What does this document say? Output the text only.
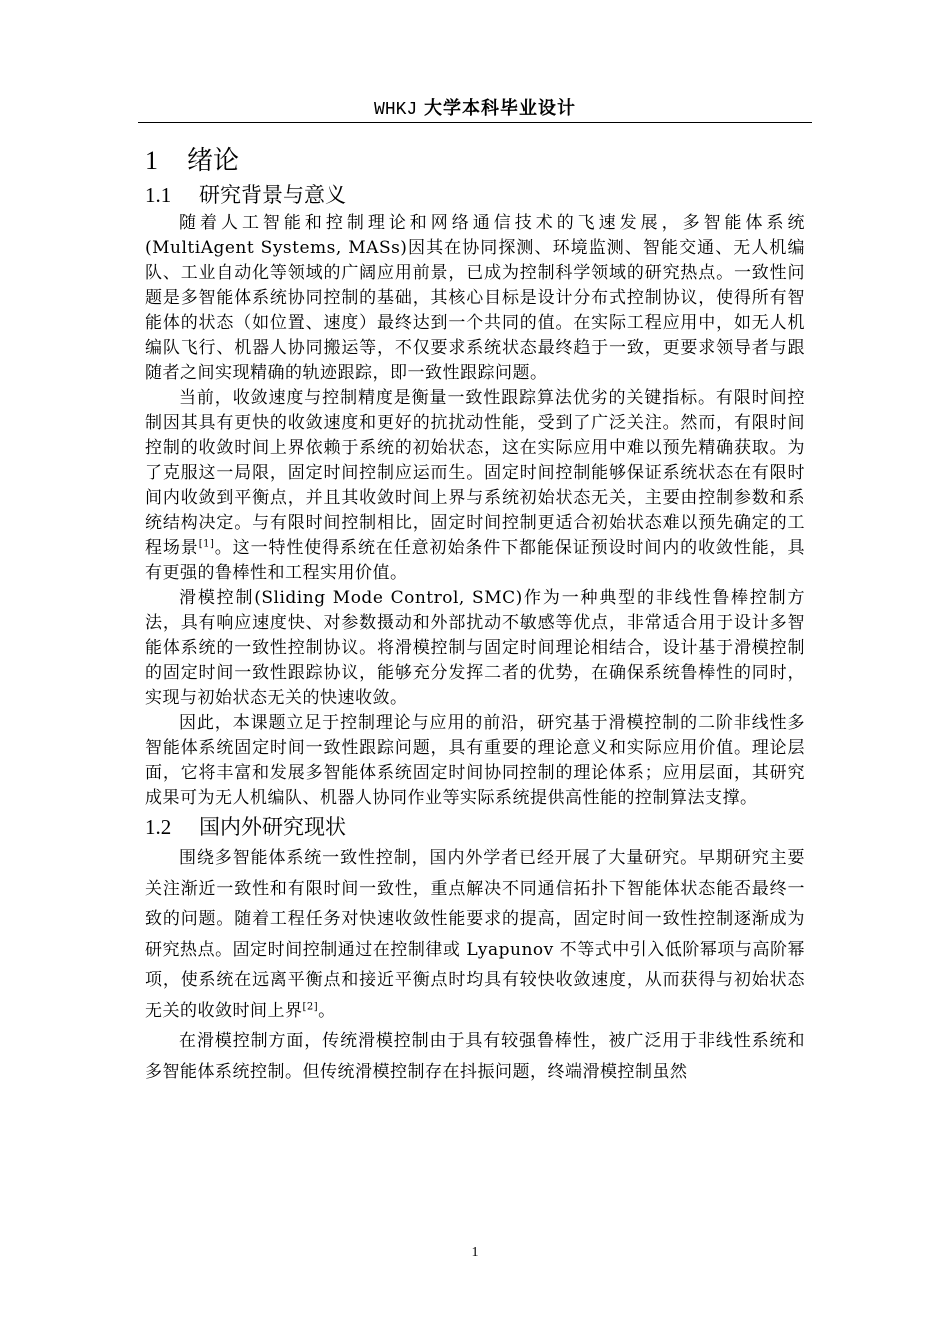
WHKJ 大学本科毕业设计
1 绪论
1.1 研究背景与意义

随着人工智能和控制理论和网络通信技术的飞速发展，多智能体系统(MultiAgent Systems, MASs)因其在协同探测、环境监测、智能交通、无人机编队、工业自动化等领域的广阔应用前景，已成为控制科学领域的研究热点。一致性问题是多智能体系统协同控制的基础，其核心目标是设计分布式控制协议，使得所有智能体的状态（如位置、速度）最终达到一个共同的值。在实际工程应用中，如无人机编队飞行、机器人协同搬运等，不仅要求系统状态最终趋于一致，更要求领导者与跟随者之间实现精确的轨迹跟踪，即一致性跟踪问题。

当前，收敛速度与控制精度是衡量一致性跟踪算法优劣的关键指标。有限时间控制因其具有更快的收敛速度和更好的抗扰动性能，受到了广泛关注。然而，有限时间控制的收敛时间上界依赖于系统的初始状态，这在实际应用中难以预先精确获取。为了克服这一局限，固定时间控制应运而生。固定时间控制能够保证系统状态在有限时间内收敛到平衡点，并且其收敛时间上界与系统初始状态无关，主要由控制参数和系统结构决定。与有限时间控制相比，固定时间控制更适合初始状态难以预先确定的工程场景[1]。这一特性使得系统在任意初始条件下都能保证预设时间内的收敛性能，具有更强的鲁棒性和工程实用价值。

滑模控制(Sliding Mode Control, SMC)作为一种典型的非线性鲁棒控制方法，具有响应速度快、对参数摄动和外部扰动不敏感等优点，非常适合用于设计多智能体系统的一致性控制协议。将滑模控制与固定时间理论相结合，设计基于滑模控制的固定时间一致性跟踪协议，能够充分发挥二者的优势，在确保系统鲁棒性的同时，实现与初始状态无关的快速收敛。

因此，本课题立足于控制理论与应用的前沿，研究基于滑模控制的二阶非线性多智能体系统固定时间一致性跟踪问题，具有重要的理论意义和实际应用价值。理论层面，它将丰富和发展多智能体系统固定时间协同控制的理论体系；应用层面，其研究成果可为无人机编队、机器人协同作业等实际系统提供高性能的控制算法支撑。

1.2 国内外研究现状

围绕多智能体系统一致性控制，国内外学者已经开展了大量研究。早期研究主要关注渐近一致性和有限时间一致性，重点解决不同通信拓扑下智能体状态能否最终一致的问题。随着工程任务对快速收敛性能要求的提高，固定时间一致性控制逐渐成为研究热点。固定时间控制通过在控制律或 Lyapunov 不等式中引入低阶幂项与高阶幂项，使系统在远离平衡点和接近平衡点时均具有较快收敛速度，从而获得与初始状态无关的收敛时间上界[2]。

在滑模控制方面，传统滑模控制由于具有较强鲁棒性，被广泛用于非线性系统和多智能体系统控制。但传统滑模控制存在抖振问题，终端滑模控制虽然

1
